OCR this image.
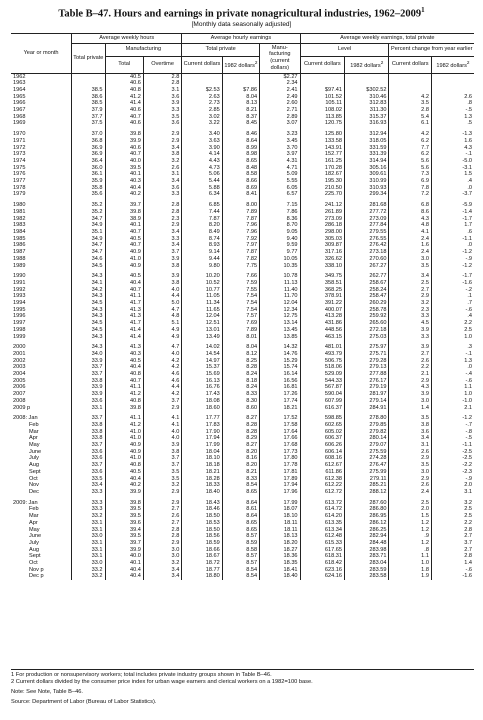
Table B–47. Hours and earnings in private nonagricultural industries, 1962–2009$^1$
[Monthly data seasonally adjusted]
Year or month	Average weekly hours			Average hourly earnings			Average weekly earnings, total private			
	Total private	Manufacturing		Total private		Manu- facturing (current dollars)	Level		Percent change from year earlier	
		Total	Overtime	Current dollars	1982 dollars$^2$		Current dollars	1982 dollars$^2$	Current dollars	1982 dollars$^2$
1962		40.5	2.8			$2.27				
1963		40.6	2.8			2.34				
1964	38.5	40.8	3.1	$2.53	$7.86	2.41	$97.41	$302.52		
1965	38.6	41.2	3.6	2.63	8.04	2.49	101.52	310.46	4.2	2.6
1966	38.5	41.4	3.9	2.73	8.13	2.60	105.11	312.83	3.5	.8
1967	37.9	40.6	3.3	2.85	8.21	2.71	108.02	311.30	2.8	-.5
1968	37.7	40.7	3.5	3.02	8.37	2.89	113.85	315.37	5.4	1.3
1969	37.5	40.6	3.6	3.22	8.45	3.07	120.75	316.93	6.1	.5

1970	37.0	39.8	2.9	3.40	8.46	3.23	125.80	312.94	4.2	-1.3
1971	36.8	39.9	2.9	3.63	8.64	3.45	133.58	318.05	6.2	1.6
1972	36.9	40.6	3.4	3.90	8.99	3.70	143.91	331.59	7.7	4.3
1973	36.9	40.7	3.8	4.14	8.98	3.97	152.77	331.39	6.2	-.1
1974	36.4	40.0	3.2	4.43	8.65	4.31	161.25	314.94	5.6	-5.0
1975	36.0	39.5	2.6	4.73	8.48	4.71	170.28	305.16	5.6	-3.1
1976	36.1	40.1	3.1	5.06	8.58	5.09	182.67	309.61	7.3	1.5
1977	35.9	40.3	3.4	5.44	8.66	5.55	195.30	310.99	6.9	.4
1978	35.8	40.4	3.6	5.88	8.69	6.05	210.50	310.93	7.8	.0
1979	35.6	40.2	3.3	6.34	8.41	6.57	225.70	299.34	7.2	-3.7

1980	35.2	39.7	2.8	6.85	8.00	7.15	241.12	281.68	6.8	-5.9
1981	35.2	39.8	2.8	7.44	7.89	7.86	261.89	277.72	8.6	-1.4
1982	34.7	38.9	2.3	7.87	7.87	8.36	273.09	273.09	4.3	-1.7
1983	34.9	40.1	2.9	8.20	7.96	8.70	286.18	277.84	4.8	1.7
1984	35.1	40.7	3.4	8.49	7.96	9.05	298.00	279.55	4.1	.6
1985	34.9	40.5	3.3	8.74	7.92	9.40	305.03	276.55	2.4	-1.1
1986	34.7	40.7	3.4	8.93	7.97	9.59	309.87	276.42	1.6	.0
1987	34.7	40.9	3.7	9.14	7.87	9.77	317.16	273.18	2.4	-1.2
1988	34.6	41.0	3.9	9.44	7.82	10.05	326.62	270.60	3.0	-.9
1989	34.5	40.9	3.8	9.80	7.75	10.35	338.10	267.27	3.5	-1.2

1990	34.3	40.5	3.9	10.20	7.66	10.78	349.75	262.77	3.4	-1.7
1991	34.1	40.4	3.8	10.52	7.59	11.13	358.51	258.67	2.5	-1.6
1992	34.2	40.7	4.0	10.77	7.55	11.40	368.25	258.24	2.7	-.2
1993	34.3	41.1	4.4	11.05	7.54	11.70	378.91	258.47	2.9	.1
1994	34.5	41.7	5.0	11.34	7.54	12.04	391.22	260.29	3.2	.7
1995	34.3	41.3	4.7	11.65	7.54	12.34	400.07	258.78	2.3	-.6
1996	34.3	41.3	4.8	12.04	7.57	12.75	413.28	259.92	3.3	.4
1997	34.5	41.7	5.1	12.51	7.69	13.14	431.86	265.60	4.5	2.2
1998	34.5	41.4	4.9	13.01	7.89	13.45	448.56	272.18	3.9	2.5
1999	34.3	41.4	4.9	13.49	8.01	13.85	463.15	275.03	3.3	1.0

2000	34.3	41.3	4.7	14.02	8.04	14.32	481.01	275.97	3.9	.3
2001	34.0	40.3	4.0	14.54	8.12	14.76	493.79	275.71	2.7	-.1
2002	33.9	40.5	4.2	14.97	8.25	15.29	506.75	279.28	2.6	1.3
2003	33.7	40.4	4.2	15.37	8.28	15.74	518.06	279.13	2.2	.0
2004	33.7	40.8	4.6	15.69	8.24	16.14	529.09	277.88	2.1	-.4
2005	33.8	40.7	4.6	16.13	8.18	16.56	544.33	276.17	2.9	-.6
2006	33.9	41.1	4.4	16.76	8.24	16.81	567.87	279.19	4.3	1.1
2007	33.9	41.2	4.2	17.43	8.33	17.26	590.04	281.97	3.9	1.0
2008	33.6	40.8	3.7	18.08	8.30	17.74	607.99	279.14	3.0	-1.0
2009 p	33.1	39.8	2.9	18.60	8.60	18.21	616.37	284.91	1.4	2.1

2008: Jan	33.7	41.1	4.1	17.77	8.27	17.52	598.85	278.80	3.5	-1.2
Feb	33.8	41.2	4.1	17.83	8.28	17.58	602.65	279.85	3.8	-.7
Mar	33.8	41.0	4.0	17.90	8.28	17.64	605.02	279.82	3.6	-.8
Apr	33.8	41.0	4.0	17.94	8.29	17.66	606.37	280.14	3.4	-.5
May	33.7	40.9	3.9	17.99	8.27	17.68	606.26	279.07	3.1	-1.1
June	33.6	40.9	3.8	18.04	8.20	17.73	606.14	275.59	2.6	-2.5
July	33.6	41.0	3.7	18.10	8.16	17.80	608.16	274.28	2.9	-2.5
Aug	33.7	40.8	3.7	18.18	8.20	17.78	612.67	276.47	3.5	-2.2
Sept	33.6	40.5	3.5	18.21	8.21	17.81	611.86	275.99	3.0	-2.3
Oct	33.5	40.4	3.5	18.28	8.33	17.89	612.38	279.11	2.9	-.9
Nov	33.4	40.2	3.2	18.33	8.54	17.94	612.22	285.21	2.6	2.0
Dec	33.3	39.9	2.9	18.40	8.65	17.96	612.72	288.12	2.4	3.1

2009: Jan	33.3	39.8	2.9	18.43	8.64	17.99	613.72	287.60	2.5	3.2
Feb	33.3	39.5	2.7	18.46	8.61	18.07	614.72	286.80	2.0	2.5
Mar	33.2	39.5	2.6	18.50	8.64	18.10	614.20	286.95	1.5	2.5
Apr	33.1	39.6	2.7	18.53	8.65	18.11	613.35	286.12	1.2	2.2
May	33.1	39.4	2.8	18.50	8.65	18.11	613.34	286.25	1.2	2.8
June	33.0	39.5	2.8	18.56	8.57	18.13	612.48	282.94	.9	2.7
July	33.1	39.7	2.9	18.59	8.59	18.20	615.33	284.48	1.2	3.7
Aug	33.1	39.9	3.0	18.66	8.58	18.27	617.65	283.98	.8	2.7
Sept	33.1	40.0	3.0	18.67	8.57	18.36	618.31	283.71	1.1	2.8
Oct	33.0	40.1	3.2	18.72	8.57	18.35	618.42	283.04	1.0	1.4
Nov p	33.2	40.4	3.4	18.77	8.54	18.41	623.16	283.59	1.8	-.6
Dec p	33.2	40.4	3.4	18.80	8.54	18.40	624.16	283.58	1.9	-1.6
1 For production or nonsupervisory workers; total includes private industry groups shown in Table B–46.
2 Current dollars divided by the consumer price index for urban wage earners and clerical workers on a 1982=100 base.
Note: See Note, Table B–46.
Source: Department of Labor (Bureau of Labor Statistics).
